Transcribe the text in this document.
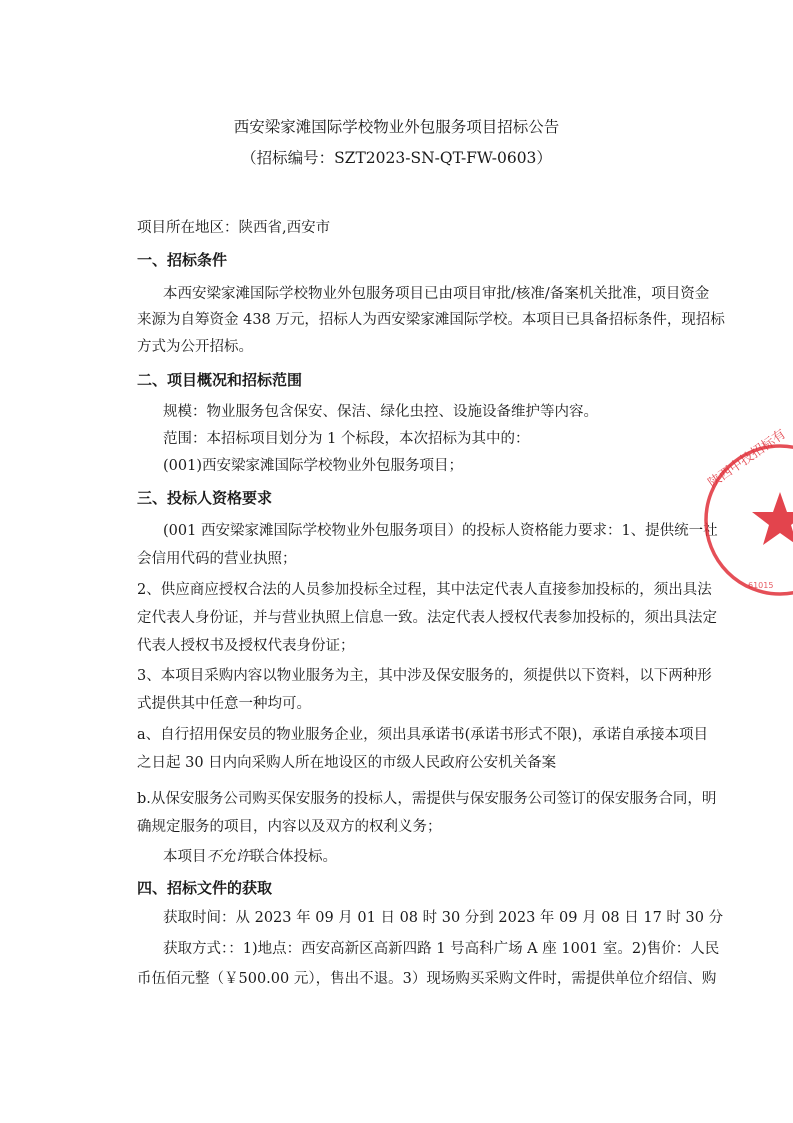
西安梁家滩国际学校物业外包服务项目招标公告
（招标编号：SZT2023-SN-QT-FW-0603）
项目所在地区：陕西省,西安市
一、招标条件
本西安梁家滩国际学校物业外包服务项目已由项目审批/核准/备案机关批准，项目资金
来源为自筹资金 438 万元，招标人为西安梁家滩国际学校。本项目已具备招标条件，现招标
方式为公开招标。
二、项目概况和招标范围
规模：物业服务包含保安、保洁、绿化虫控、设施设备维护等内容。
范围：本招标项目划分为 1 个标段，本次招标为其中的：
(001)西安梁家滩国际学校物业外包服务项目；
三、投标人资格要求
(001 西安梁家滩国际学校物业外包服务项目）的投标人资格能力要求：1、提供统一社
会信用代码的营业执照；
2、供应商应授权合法的人员参加投标全过程，其中法定代表人直接参加投标的，须出具法
定代表人身份证，并与营业执照上信息一致。法定代表人授权代表参加投标的，须出具法定
代表人授权书及授权代表身份证；
3、本项目采购内容以物业服务为主，其中涉及保安服务的，须提供以下资料，以下两种形
式提供其中任意一种均可。
a、自行招用保安员的物业服务企业，须出具承诺书(承诺书形式不限)，承诺自承接本项目
之日起 30 日内向采购人所在地设区的市级人民政府公安机关备案
b.从保安服务公司购买保安服务的投标人，需提供与保安服务公司签订的保安服务合同，明
确规定服务的项目，内容以及双方的权利义务；
本项目不允许联合体投标。
四、招标文件的获取
获取时间：从 2023 年 09 月 01 日 08 时 30 分到 2023 年 09 月 08 日 17 时 30 分
获取方式：：1)地点：西安高新区高新四路 1 号高科广场 A 座 1001 室。2)售价：人民
币伍佰元整（￥500.00 元），售出不退。3）现场购买采购文件时，需提供单位介绍信、购
陕西中技招标有
61015
